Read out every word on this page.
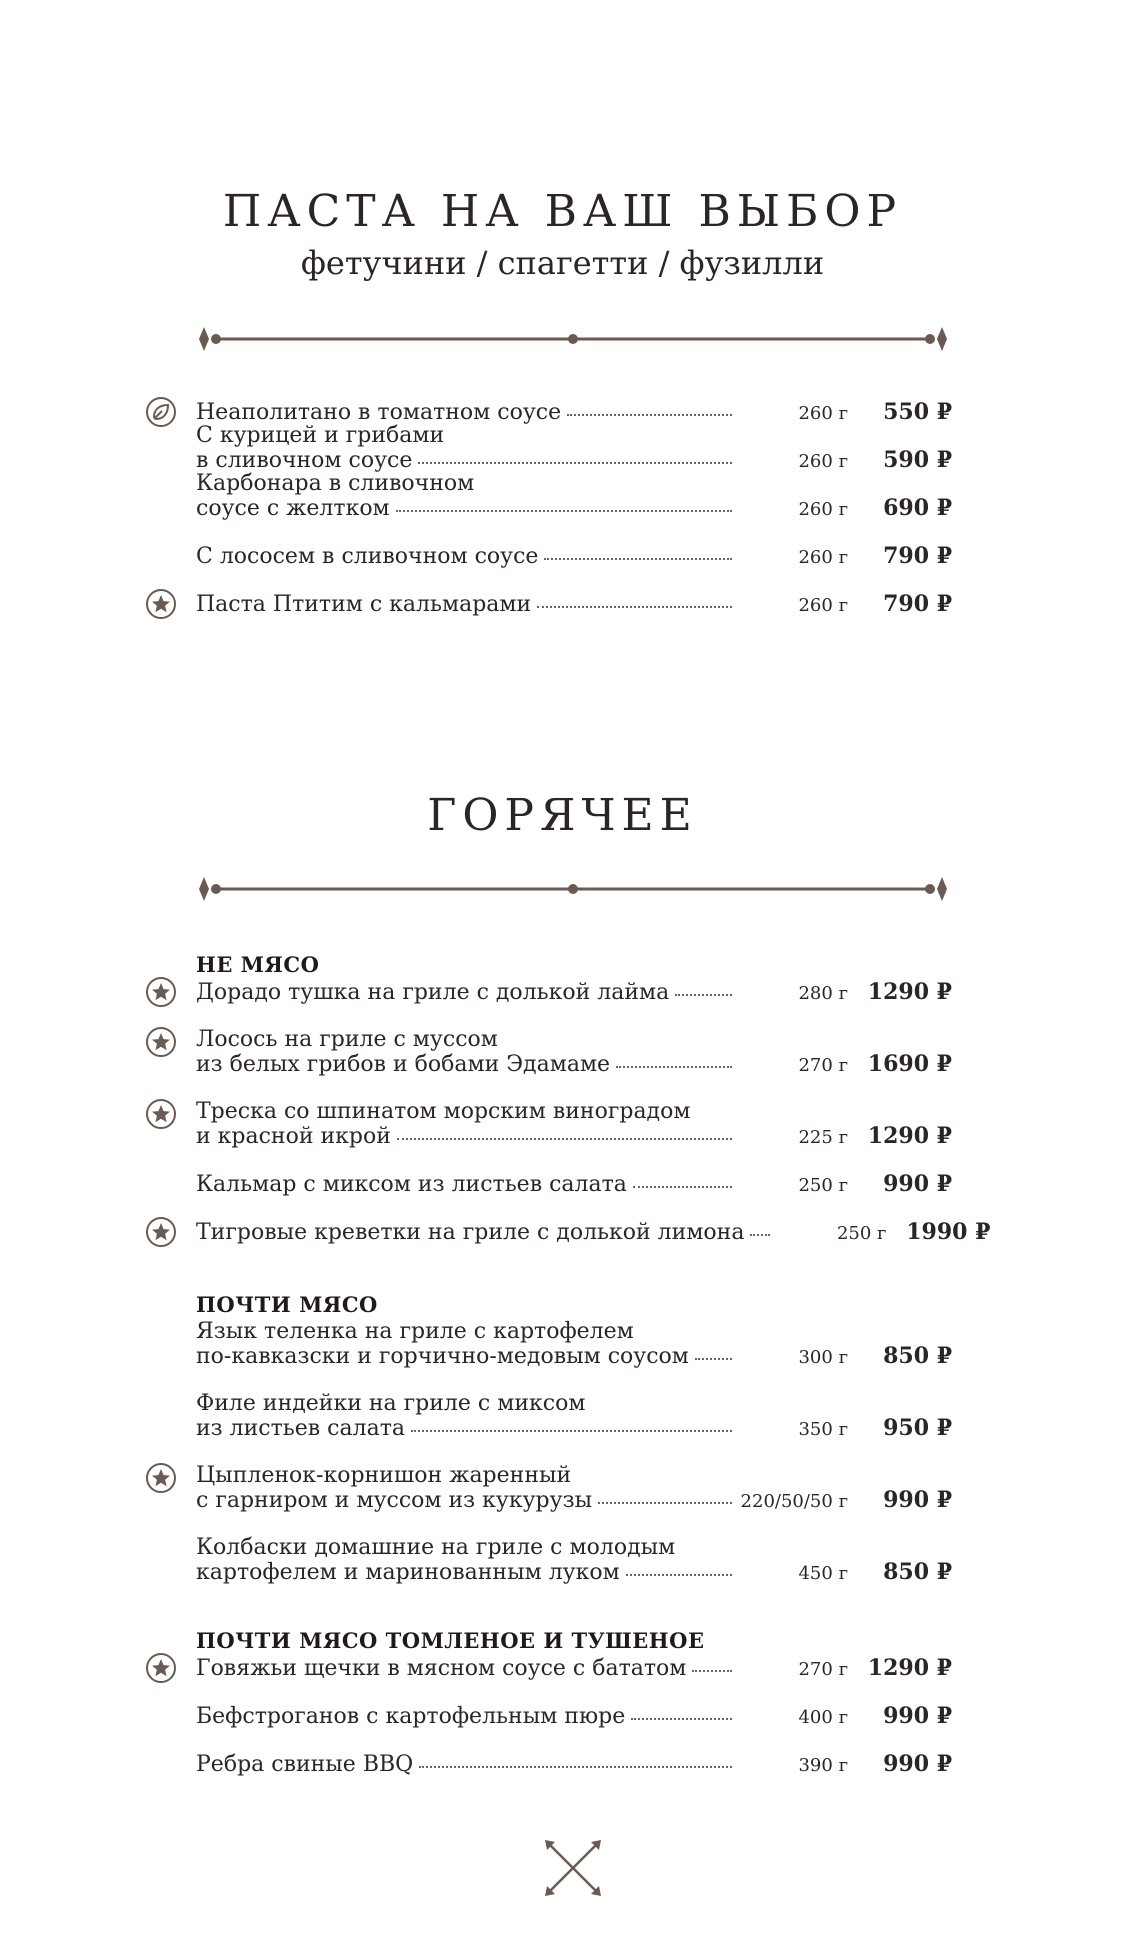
ПАСТА НА ВАШ ВЫБОР
фетучини / спагетти / фузилли
ГОРЯЧЕЕ
Неаполитано в томатном соусе	260 г	550 ₽
С курицей и грибами
в сливочном соусе	260 г	590 ₽
Карбонара в сливочном
соусе с желтком	260 г	690 ₽
С лососем в сливочном соусе	260 г	790 ₽
Паста Птитим с кальмарами	260 г	790 ₽
НЕ МЯСО
Дорадо тушка на гриле с долькой лайма	280 г 1290 ₽
Лосось на гриле с муссом
из белых грибов и бобами Эдамаме	270 г 1690 ₽
Треска со шпинатом морским виноградом
и красной икрой	225 г 1290 ₽
Кальмар с миксом из листьев салата	250 г	990 ₽
Тигровые креветки на гриле с долькой лимона	250 г 1990 ₽
ПОЧТИ МЯСО
Язык теленка на гриле с картофелем
по-кавказски и горчично-медовым соусом	300 г	850 ₽
Филе индейки на гриле с миксом
из листьев салата	350 г	950 ₽
Цыпленок-корнишон жаренный
с гарниром и муссом из кукурузы	220/50/50 г	990 ₽
Колбаски домашние на гриле с молодым
картофелем и маринованным луком	450 г	850 ₽
ПОЧТИ МЯСО ТОМЛЕНОЕ И ТУШЕНОЕ
Говяжьи щечки в мясном соусе с бататом	270 г 1290 ₽
Бефстроганов с картофельным пюре	400 г	990 ₽
Ребра свиные BBQ	390 г	990 ₽
